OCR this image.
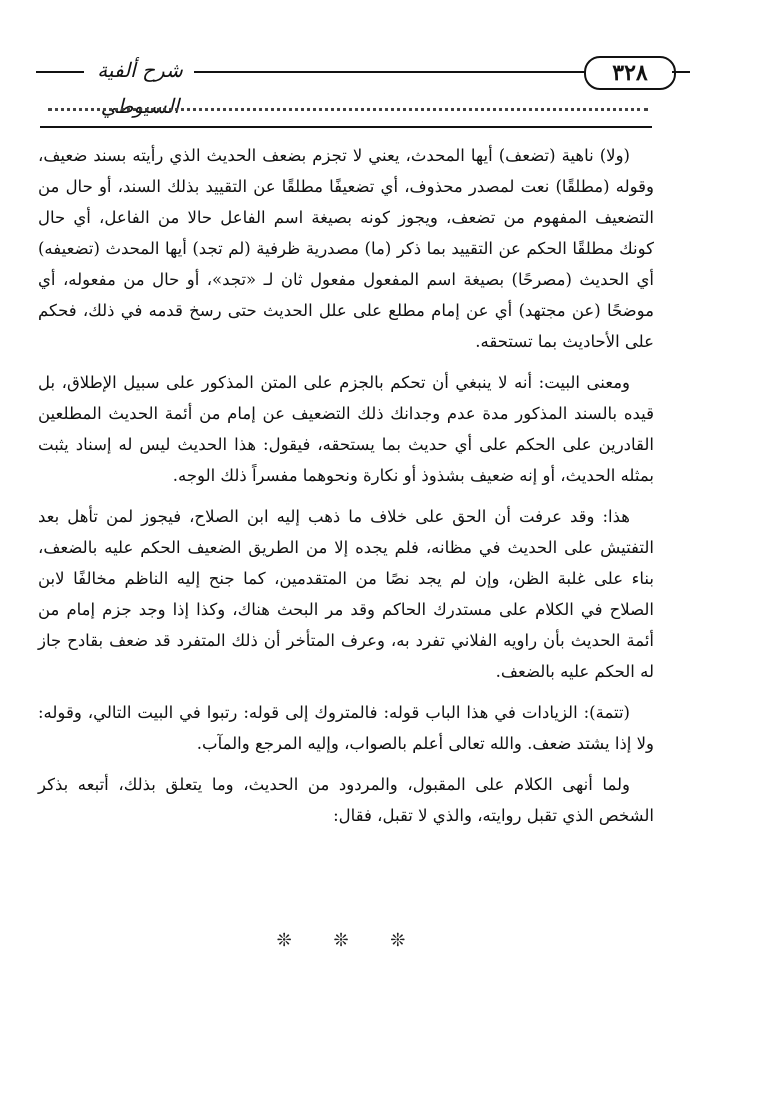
شرح ألفية السيوطي
٣٢٨

(ولا) ناهية (تضعف) أيها المحدث، يعني لا تجزم بضعف الحديث الذي رأيته بسند ضعيف، وقوله (مطلقًا) نعت لمصدر محذوف، أي تضعيفًا مطلقًا عن التقييد بذلك السند، أو حال من التضعيف المفهوم من تضعف، ويجوز كونه بصيغة اسم الفاعل حالا من الفاعل، أي حال كونك مطلقًا الحكم عن التقييد بما ذكر (ما) مصدرية ظرفية (لم تجد) أيها المحدث (تضعيفه) أي الحديث (مصرحًا) بصيغة اسم المفعول مفعول ثان لـ «تجد»، أو حال من مفعوله، أي موضحًا (عن مجتهد) أي عن إمام مطلع على علل الحديث حتى رسخ قدمه في ذلك، فحكم على الأحاديث بما تستحقه.

ومعنى البيت: أنه لا ينبغي أن تحكم بالجزم على المتن المذكور على سبيل الإطلاق، بل قيده بالسند المذكور مدة عدم وجدانك ذلك التضعيف عن إمام من أئمة الحديث المطلعين القادرين على الحكم على أي حديث بما يستحقه، فيقول: هذا الحديث ليس له إسناد يثبت بمثله الحديث، أو إنه ضعيف بشذوذ أو نكارة ونحوهما مفسراً ذلك الوجه.

هذا: وقد عرفت أن الحق على خلاف ما ذهب إليه ابن الصلاح، فيجوز لمن تأهل بعد التفتيش على الحديث في مظانه، فلم يجده إلا من الطريق الضعيف الحكم عليه بالضعف، بناء على غلبة الظن، وإن لم يجد نصًا من المتقدمين، كما جنح إليه الناظم مخالفًا لابن الصلاح في الكلام على مستدرك الحاكم وقد مر البحث هناك، وكذا إذا وجد جزم إمام من أئمة الحديث بأن راويه الفلاني تفرد به، وعرف المتأخر أن ذلك المتفرد قد ضعف بقادح جاز له الحكم عليه بالضعف.

(تتمة): الزيادات في هذا الباب قوله: فالمتروك إلى قوله: رتبوا في البيت التالي، وقوله: ولا إذا يشتد ضعف. والله تعالى أعلم بالصواب، وإليه المرجع والمآب.

ولما أنهى الكلام على المقبول، والمردود من الحديث، وما يتعلق بذلك، أتبعه بذكر الشخص الذي تقبل روايته، والذي لا تقبل، فقال:

❊ ❊ ❊
